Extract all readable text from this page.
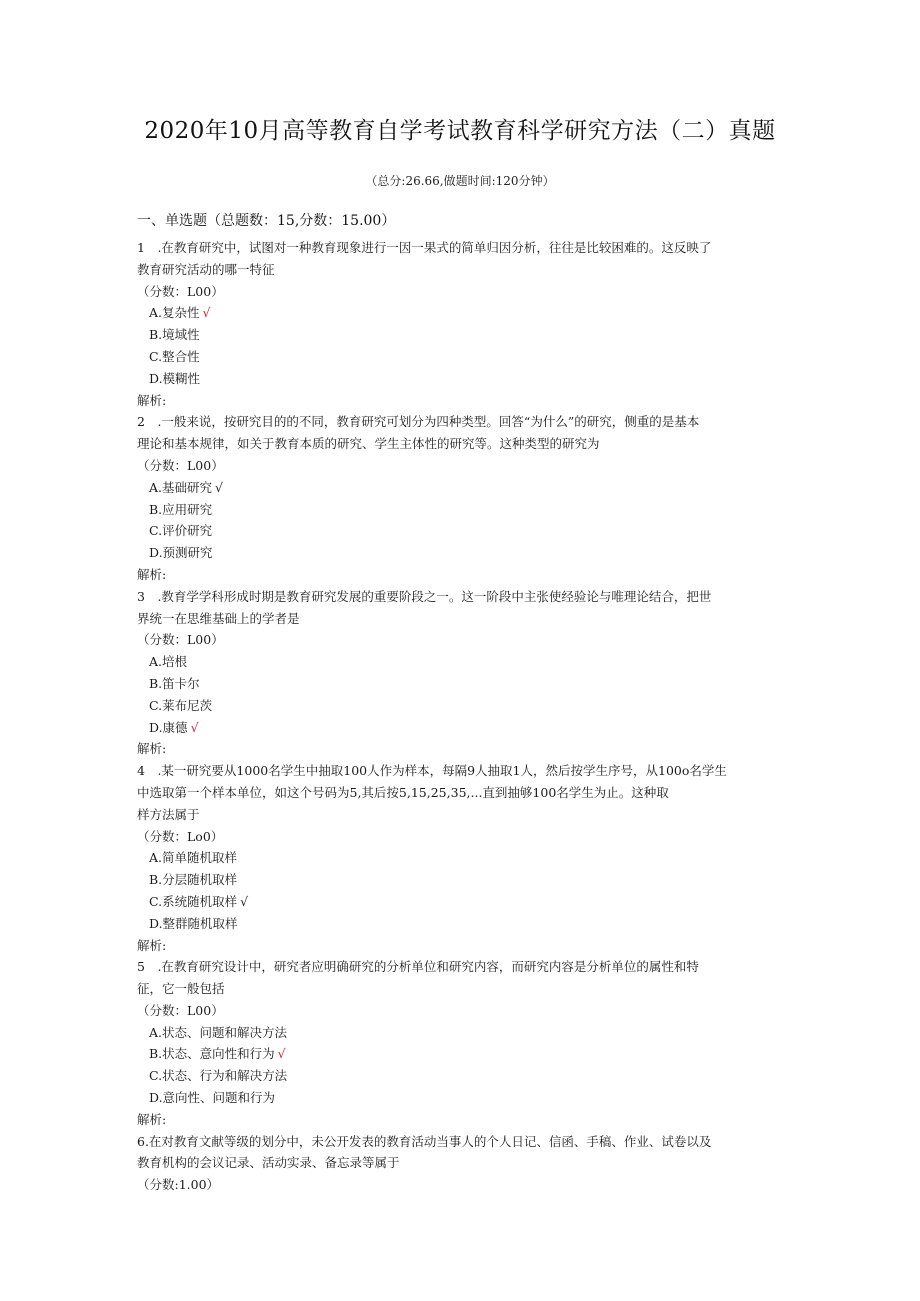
2020年10月高等教育自学考试教育科学研究方法（二）真题
（总分:26.66,做题时间:120分钟）
一、单选题（总题数：15,分数：15.00）
1　.在教育研究中，试图对一种教育现象进行一因一果式的简单归因分析，往往是比较困难的。这反映了
教育研究活动的哪一特征
（分数：L00）
A.复杂性 √
B.境域性
C.整合性
D.模糊性
解析:
2　.一般来说，按研究目的的不同，教育研究可划分为四种类型。回答“为什么”的研究，侧重的是基本
理论和基本规律，如关于教育本质的研究、学生主体性的研究等。这种类型的研究为
（分数：L00）
A.基础研究 √
B.应用研究
C.评价研究
D.预测研究
解析:
3　.教育学学科形成时期是教育研究发展的重要阶段之一。这一阶段中主张使经验论与唯理论结合，把世
界统一在思维基础上的学者是
（分数：L00）
A.培根
B.笛卡尔
C.莱布尼茨
D.康德 √
解析:
4　.某一研究要从1000名学生中抽取100人作为样本，每隔9人抽取1人，然后按学生序号，从100o名学生
中选取第一个样本单位，如这个号码为5,其后按5,15,25,35,...直到抽够100名学生为止。这种取
样方法属于
（分数：Lo0）
A.简单随机取样
B.分层随机取样
C.系统随机取样 √
D.整群随机取样
解析:
5　.在教育研究设计中，研究者应明确研究的分析单位和研究内容，而研究内容是分析单位的属性和特
征，它一般包括
（分数：L00）
A.状态、问题和解决方法
B.状态、意向性和行为 √
C.状态、行为和解决方法
D.意向性、问题和行为
解析:
6.在对教育文献等级的划分中，未公开发表的教育活动当事人的个人日记、信函、手稿、作业、试卷以及
教育机构的会议记录、活动实录、备忘录等属于
（分数:1.00）
